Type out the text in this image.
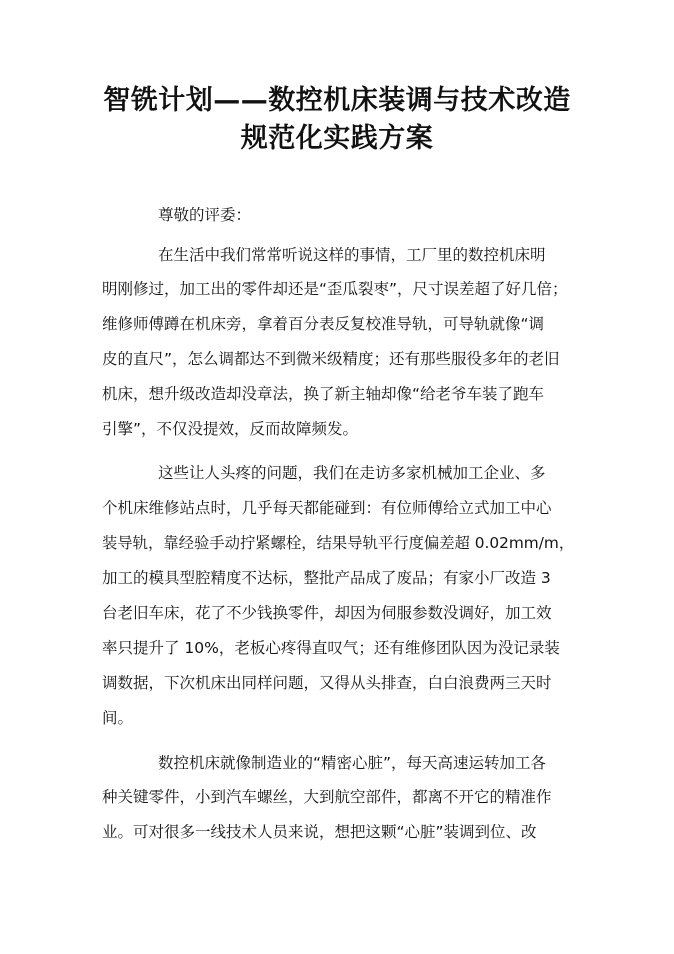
智铣计划——数控机床装调与技术改造
规范化实践方案
尊敬的评委：
在生活中我们常常听说这样的事情，工厂里的数控机床明
明刚修过，加工出的零件却还是“歪瓜裂枣”，尺寸误差超了好几倍；
维修师傅蹲在机床旁，拿着百分表反复校准导轨，可导轨就像“调
皮的直尺”，怎么调都达不到微米级精度；还有那些服役多年的老旧
机床，想升级改造却没章法，换了新主轴却像“给老爷车装了跑车
引擎”，不仅没提效，反而故障频发。
这些让人头疼的问题，我们在走访多家机械加工企业、多
个机床维修站点时，几乎每天都能碰到：有位师傅给立式加工中心
装导轨，靠经验手动拧紧螺栓，结果导轨平行度偏差超 0.02mm/m，
加工的模具型腔精度不达标，整批产品成了废品；有家小厂改造 3
台老旧车床，花了不少钱换零件，却因为伺服参数没调好，加工效
率只提升了 10%，老板心疼得直叹气；还有维修团队因为没记录装
调数据，下次机床出同样问题，又得从头排查，白白浪费两三天时
间。
数控机床就像制造业的“精密心脏”，每天高速运转加工各
种关键零件，小到汽车螺丝，大到航空部件，都离不开它的精准作
业。可对很多一线技术人员来说，想把这颗“心脏”装调到位、改
